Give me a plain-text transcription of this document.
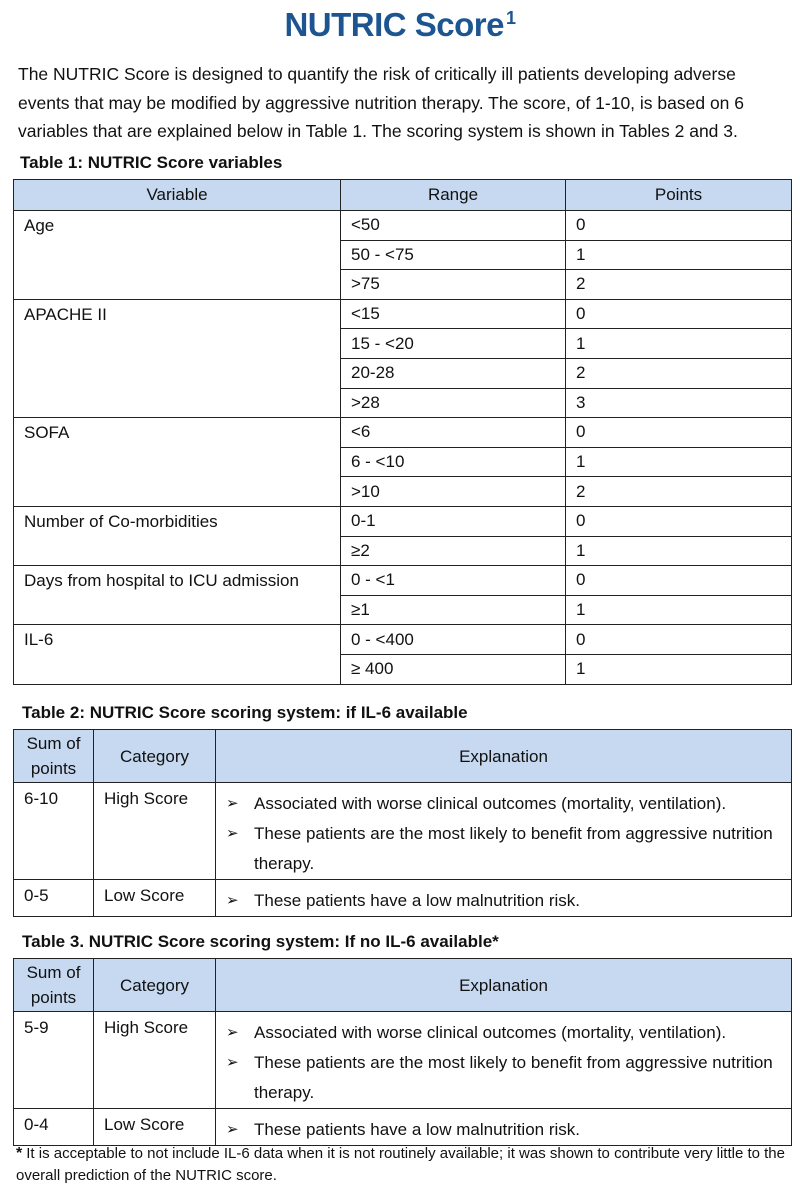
NUTRIC Score $^1$

The NUTRIC Score is designed to quantify the risk of critically ill patients developing adverse events that may be modified by aggressive nutrition therapy. The score, of 1-10, is based on 6 variables that are explained below in Table 1. The scoring system is shown in Tables 2 and 3.

Table 1: NUTRIC Score variables
Variable	Range	Points
Age	<50	0
	50 - <75	1
	>75	2
APACHE II	<15	0
	15 - <20	1
	20-28	2
	>28	3
SOFA	<6	0
	6 - <10	1
	>10	2
Number of Co-morbidities	0-1	0
	≥2	1
Days from hospital to ICU admission	0 - <1	0
	≥1	1
IL-6	0 - <400	0
	≥ 400	1
Table 2: NUTRIC Score scoring system: if IL-6 available
Sum of points	Category	Explanation
6-10	High Score	➢ Associated with worse clinical outcomes (mortality, ventilation).
➢ These patients are the most likely to benefit from aggressive nutrition therapy.

0-5	Low Score	➢ These patients have a low malnutrition risk.
Table 3. NUTRIC Score scoring system: If no IL-6 available*
Sum of points	Category	Explanation
5-9	High Score	➢ Associated with worse clinical outcomes (mortality, ventilation).
➢ These patients are the most likely to benefit from aggressive nutrition therapy.

0-4	Low Score	➢ These patients have a low malnutrition risk.
* It is acceptable to not include IL-6 data when it is not routinely available; it was shown to contribute very little to the overall prediction of the NUTRIC score.
